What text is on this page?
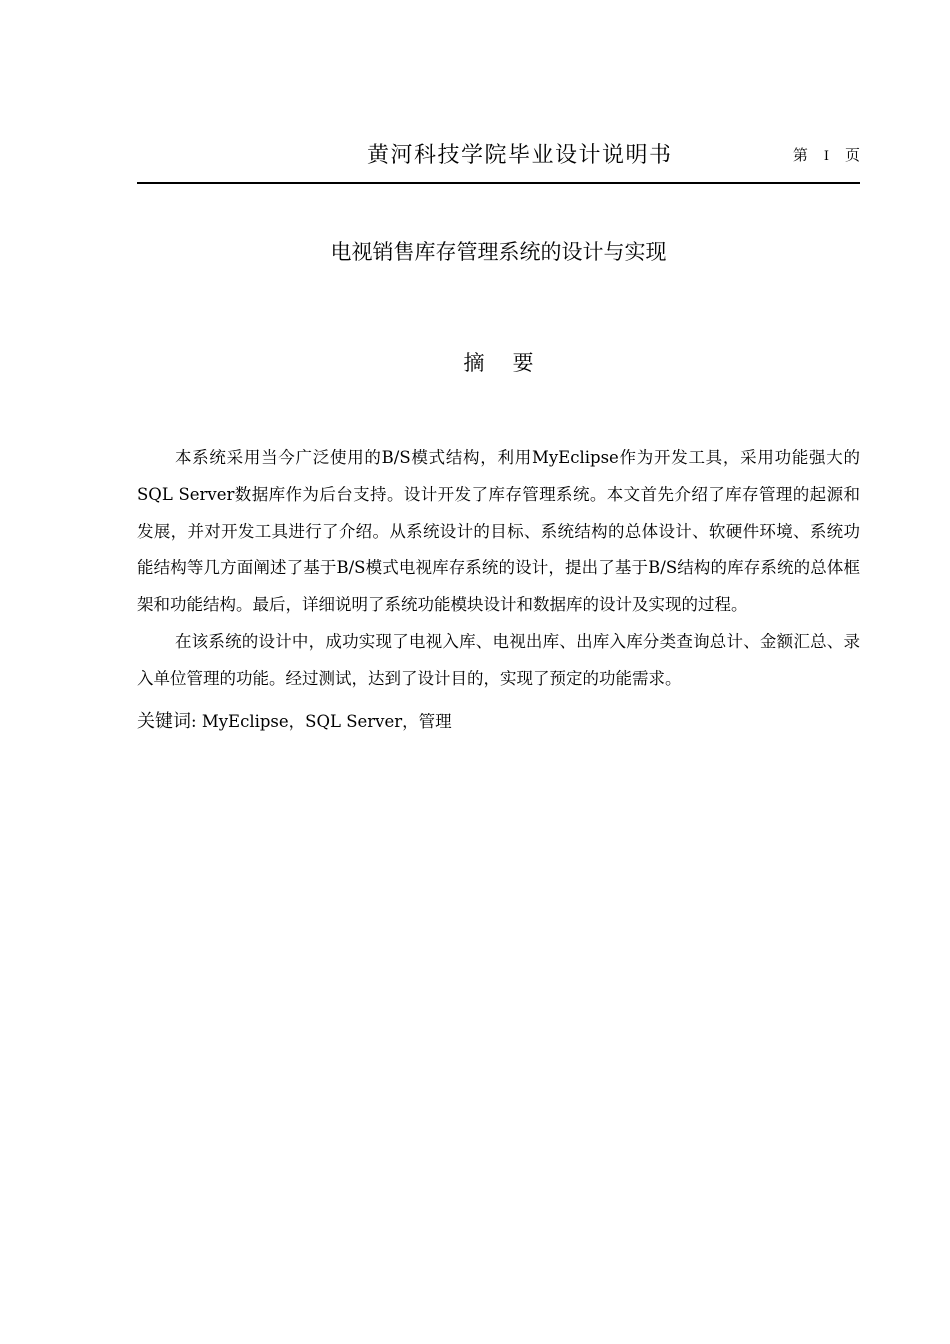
黄河科技学院毕业设计说明书	第 I 页
电视销售库存管理系统的设计与实现
摘 要

本系统采用当今广泛使用的B/S模式结构，利用MyEclipse作为开发工具，采用功能强大的SQL Server数据库作为后台支持。设计开发了库存管理系统。本文首先介绍了库存管理的起源和发展，并对开发工具进行了介绍。从系统设计的目标、系统结构的总体设计、软硬件环境、系统功能结构等几方面阐述了基于B/S模式电视库存系统的设计，提出了基于B/S结构的库存系统的总体框架和功能结构。最后，详细说明了系统功能模块设计和数据库的设计及实现的过程。

在该系统的设计中，成功实现了电视入库、电视出库、出库入库分类查询总计、金额汇总、录入单位管理的功能。经过测试，达到了设计目的，实现了预定的功能需求。

关键词: MyEclipse，SQL Server，管理
